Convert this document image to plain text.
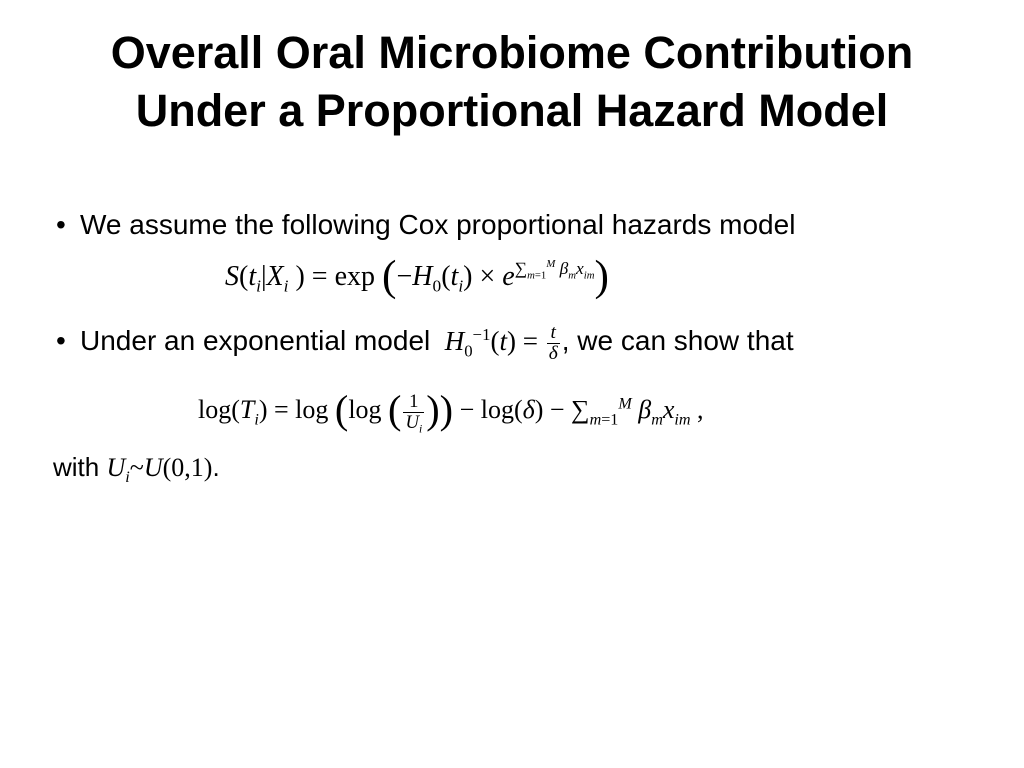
Overall Oral Microbiome Contribution
Under a Proportional Hazard Model
• We assume the following Cox proportional hazards model
$S(t_i|X_i$ ) = $\exp (-H_0(t_i) \times e^{\sum_{m=1}^M \beta_mx_{im}})$
• Under an exponential model $H_0^{-1}(t) = \frac{t}{\delta}$ , we can show that
$\log(T_i) = \log (\log$ ( $\frac{1}{U_i}$ )) − $\log(\delta) - \sum_{m=1}^M$ $\beta_mx_{im}$ ,
with $U_i\sim U(0,1)$.
